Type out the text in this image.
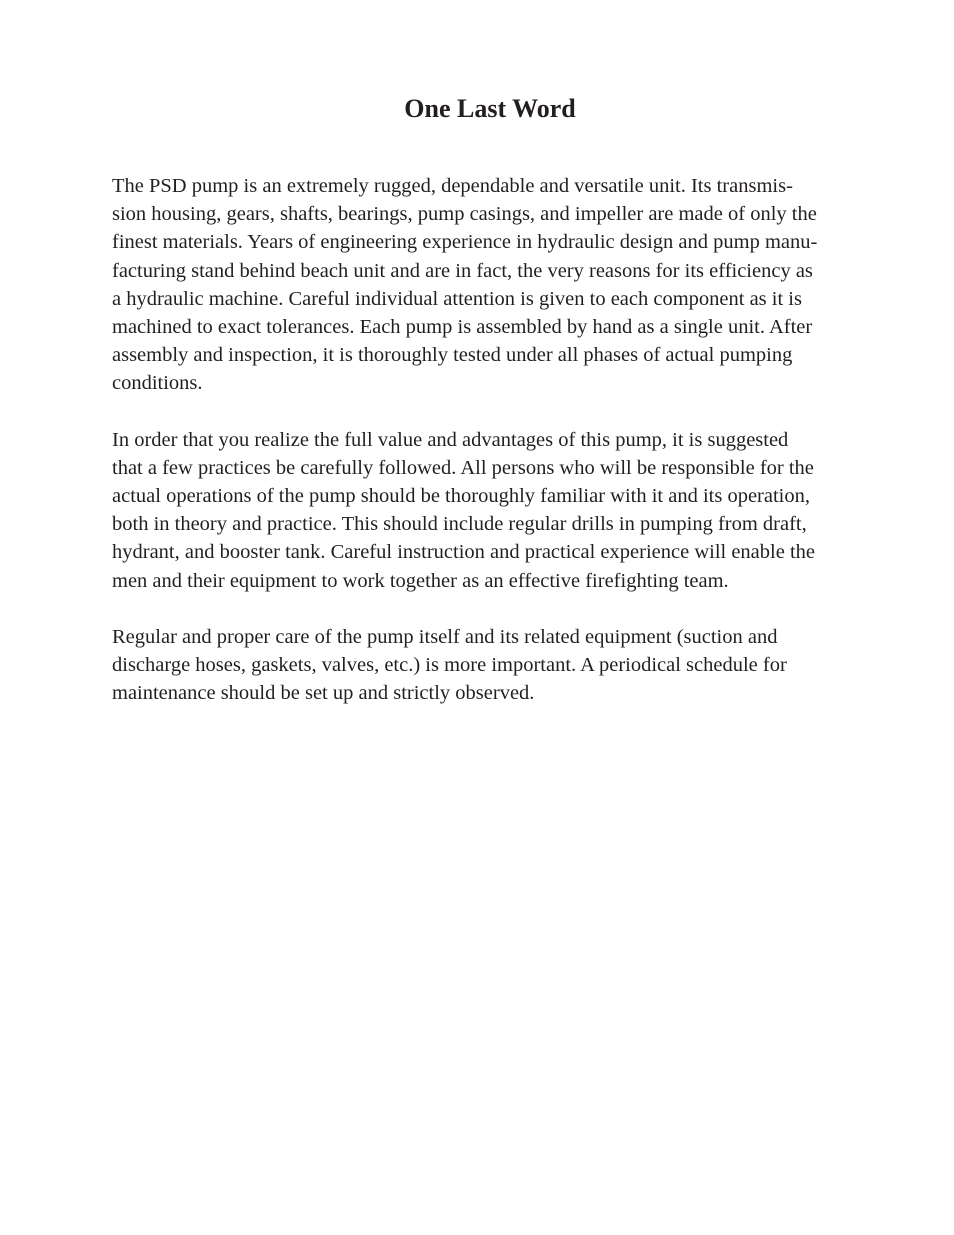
One Last Word

The PSD pump is an extremely rugged, dependable and versatile unit. Its transmis-
sion housing, gears, shafts, bearings, pump casings, and impeller are made of only the
finest materials. Years of engineering experience in hydraulic design and pump manu-
facturing stand behind beach unit and are in fact, the very reasons for its efficiency as
a hydraulic machine. Careful individual attention is given to each component as it is
machined to exact tolerances. Each pump is assembled by hand as a single unit. After
assembly and inspection, it is thoroughly tested under all phases of actual pumping
conditions.

In order that you realize the full value and advantages of this pump, it is suggested
that a few practices be carefully followed. All persons who will be responsible for the
actual operations of the pump should be thoroughly familiar with it and its operation,
both in theory and practice. This should include regular drills in pumping from draft,
hydrant, and booster tank. Careful instruction and practical experience will enable the
men and their equipment to work together as an effective firefighting team.

Regular and proper care of the pump itself and its related equipment (suction and
discharge hoses, gaskets, valves, etc.) is more important. A periodical schedule for
maintenance should be set up and strictly observed.
